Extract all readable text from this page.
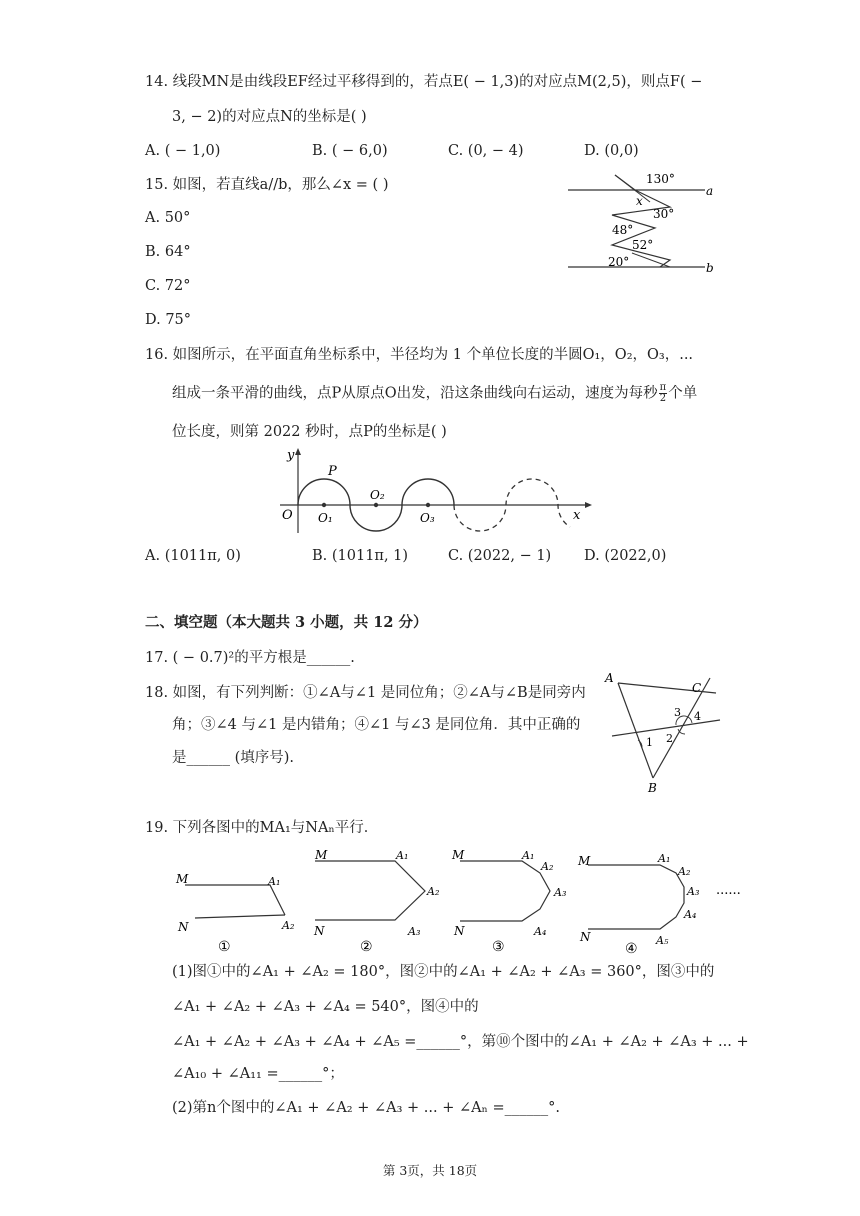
14. 线段MN是由线段EF经过平移得到的，若点E( − 1,3)的对应点M(2,5)，则点F( −
3, − 2)的对应点N的坐标是( )
A. ( − 1,0)	B. ( − 6,0)	C. (0, − 4)	D. (0,0)
15. 如图，若直线a//b，那么∠x = ( )
A. 50°
B. 64°
C. 72°
D. 75°
130°
x
30°
48°
52°
20°
a
b
16. 如图所示，在平面直角坐标系中，半径均为 1 个单位长度的半圆O₁，O₂，O₃，...
组成一条平滑的曲线，点P从原点O出发，沿这条曲线向右运动，速度为每秒 $\frac{\pi}{2}$ 个单
位长度，则第 2022 秒时，点P的坐标是( )
y
x
O
P
O₁
O₂
O₃
A. (1011π, 0)	B. (1011π, 1)	C. (2022, − 1) D. (2022,0)
二、填空题（本大题共 3 小题，共 12 分）
17. ( − 0.7)²的平方根是______.
18. 如图，有下列判断：①∠A与∠1 是同位角；②∠A与∠B是同旁内
角；③∠4 与∠1 是内错角；④∠1 与∠3 是同位角．其中正确的
是______ (填序号).
A
B
C
1 2
3 4
19. 下列各图中的MA₁与NAₙ平行．
M
N
A₁
A₂
①
M
N
A₁
A₂
A₃
②
M
N
A₁
A₂
A₃
A₄
③
M
N
A₁
A₂
A₃
A₄
A₅
④
......
(1)图①中的∠A₁ + ∠A₂ = 180°，图②中的∠A₁ + ∠A₂ + ∠A₃ = 360°，图③中的
∠A₁ + ∠A₂ + ∠A₃ + ∠A₄ = 540°，图④中的
∠A₁ + ∠A₂ + ∠A₃ + ∠A₄ + ∠A₅ =______°，第⑩个图中的∠A₁ + ∠A₂ + ∠A₃ + ... +
∠A₁₀ + ∠A₁₁ =______°；
(2)第n个图中的∠A₁ + ∠A₂ + ∠A₃ + ... + ∠Aₙ =______°.
第 3页，共 18页
